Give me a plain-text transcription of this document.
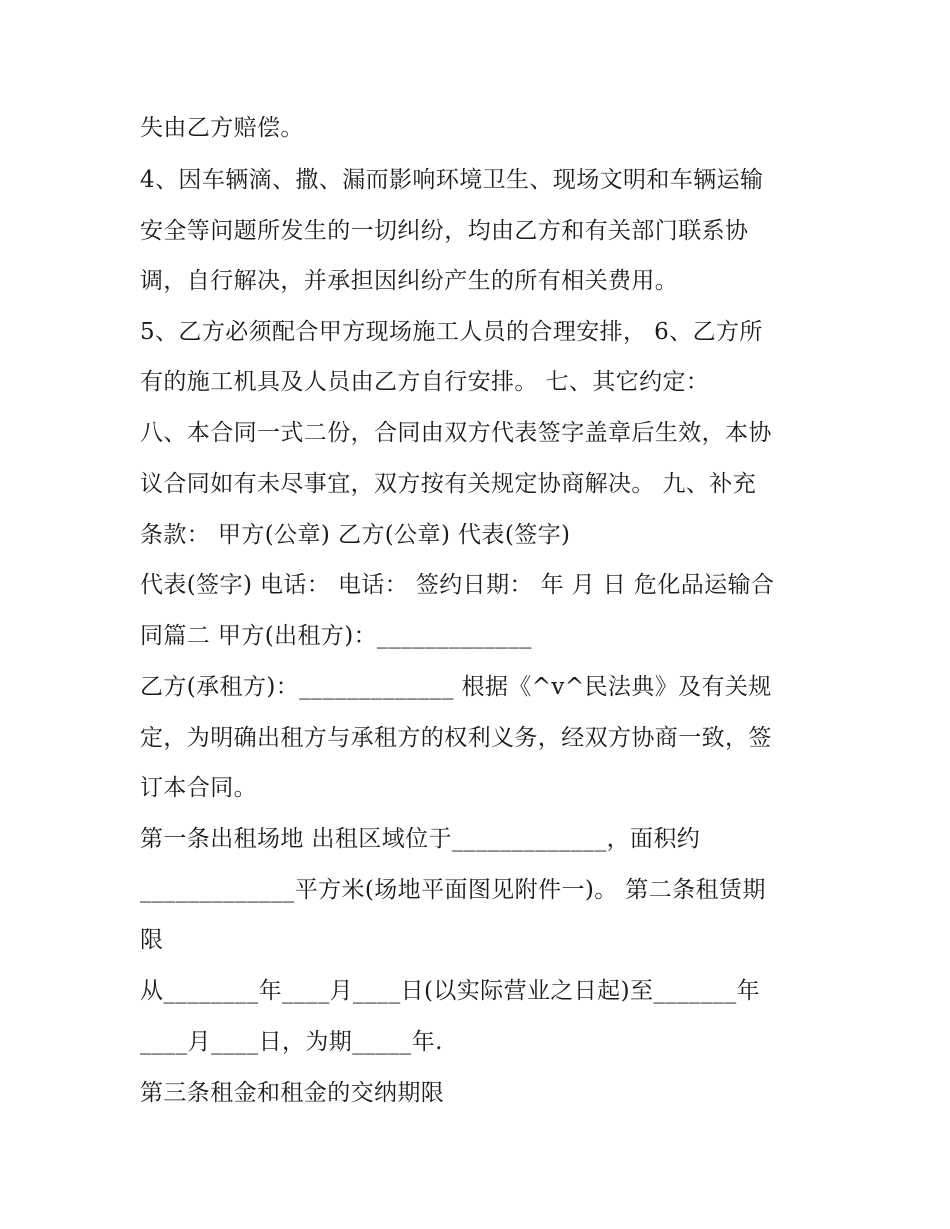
失由乙方赔偿。

4、因车辆滴、撒、漏而影响环境卫生、现场文明和车辆运输

安全等问题所发生的一切纠纷，均由乙方和有关部门联系协

调，自行解决，并承担因纠纷产生的所有相关费用。

5、乙方必须配合甲方现场施工人员的合理安排， 6、乙方所

有的施工机具及人员由乙方自行安排。 七、其它约定：

八、本合同一式二份，合同由双方代表签字盖章后生效，本协

议合同如有未尽事宜，双方按有关规定协商解决。 九、补充

条款： 甲方(公章) 乙方(公章) 代表(签字)

代表(签字) 电话： 电话： 签约日期： 年 月 日 危化品运输合

同篇二 甲方(出租方)：_____________

乙方(承租方)：_____________ 根据《^v^民法典》及有关规

定，为明确出租方与承租方的权利义务，经双方协商一致，签

订本合同。

第一条出租场地 出租区域位于_____________，面积约

_____________平方米(场地平面图见附件一)。 第二条租赁期

限

从________年____月____日(以实际营业之日起)至_______年

____月____日，为期_____年.

第三条租金和租金的交纳期限
